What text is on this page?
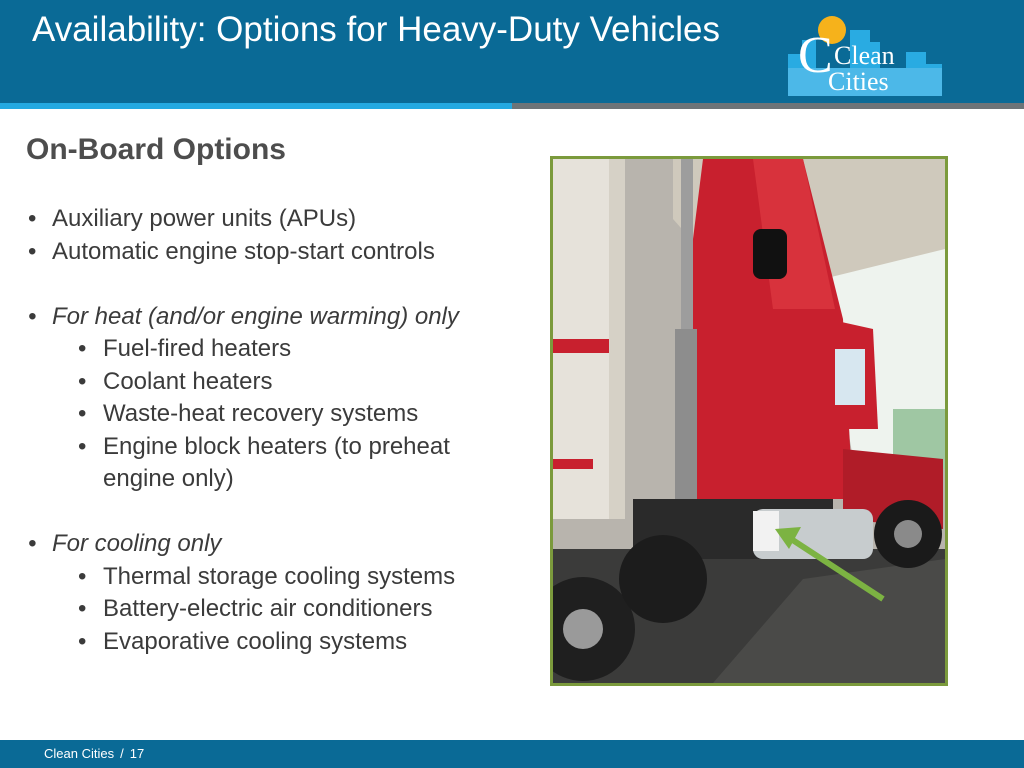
Availability: Options for Heavy-Duty Vehicles C Clean
Cities
On-Board Options
• Auxiliary power units (APUs)
• Automatic engine stop-start controls
• For heat (and/or engine warming) only
• Fuel-fired heaters
• Coolant heaters
• Waste-heat recovery systems
• Engine block heaters (to preheat engine only)
• For cooling only
• Thermal storage cooling systems
• Battery-electric air conditioners
• Evaporative cooling systems
Clean Cities / 17
